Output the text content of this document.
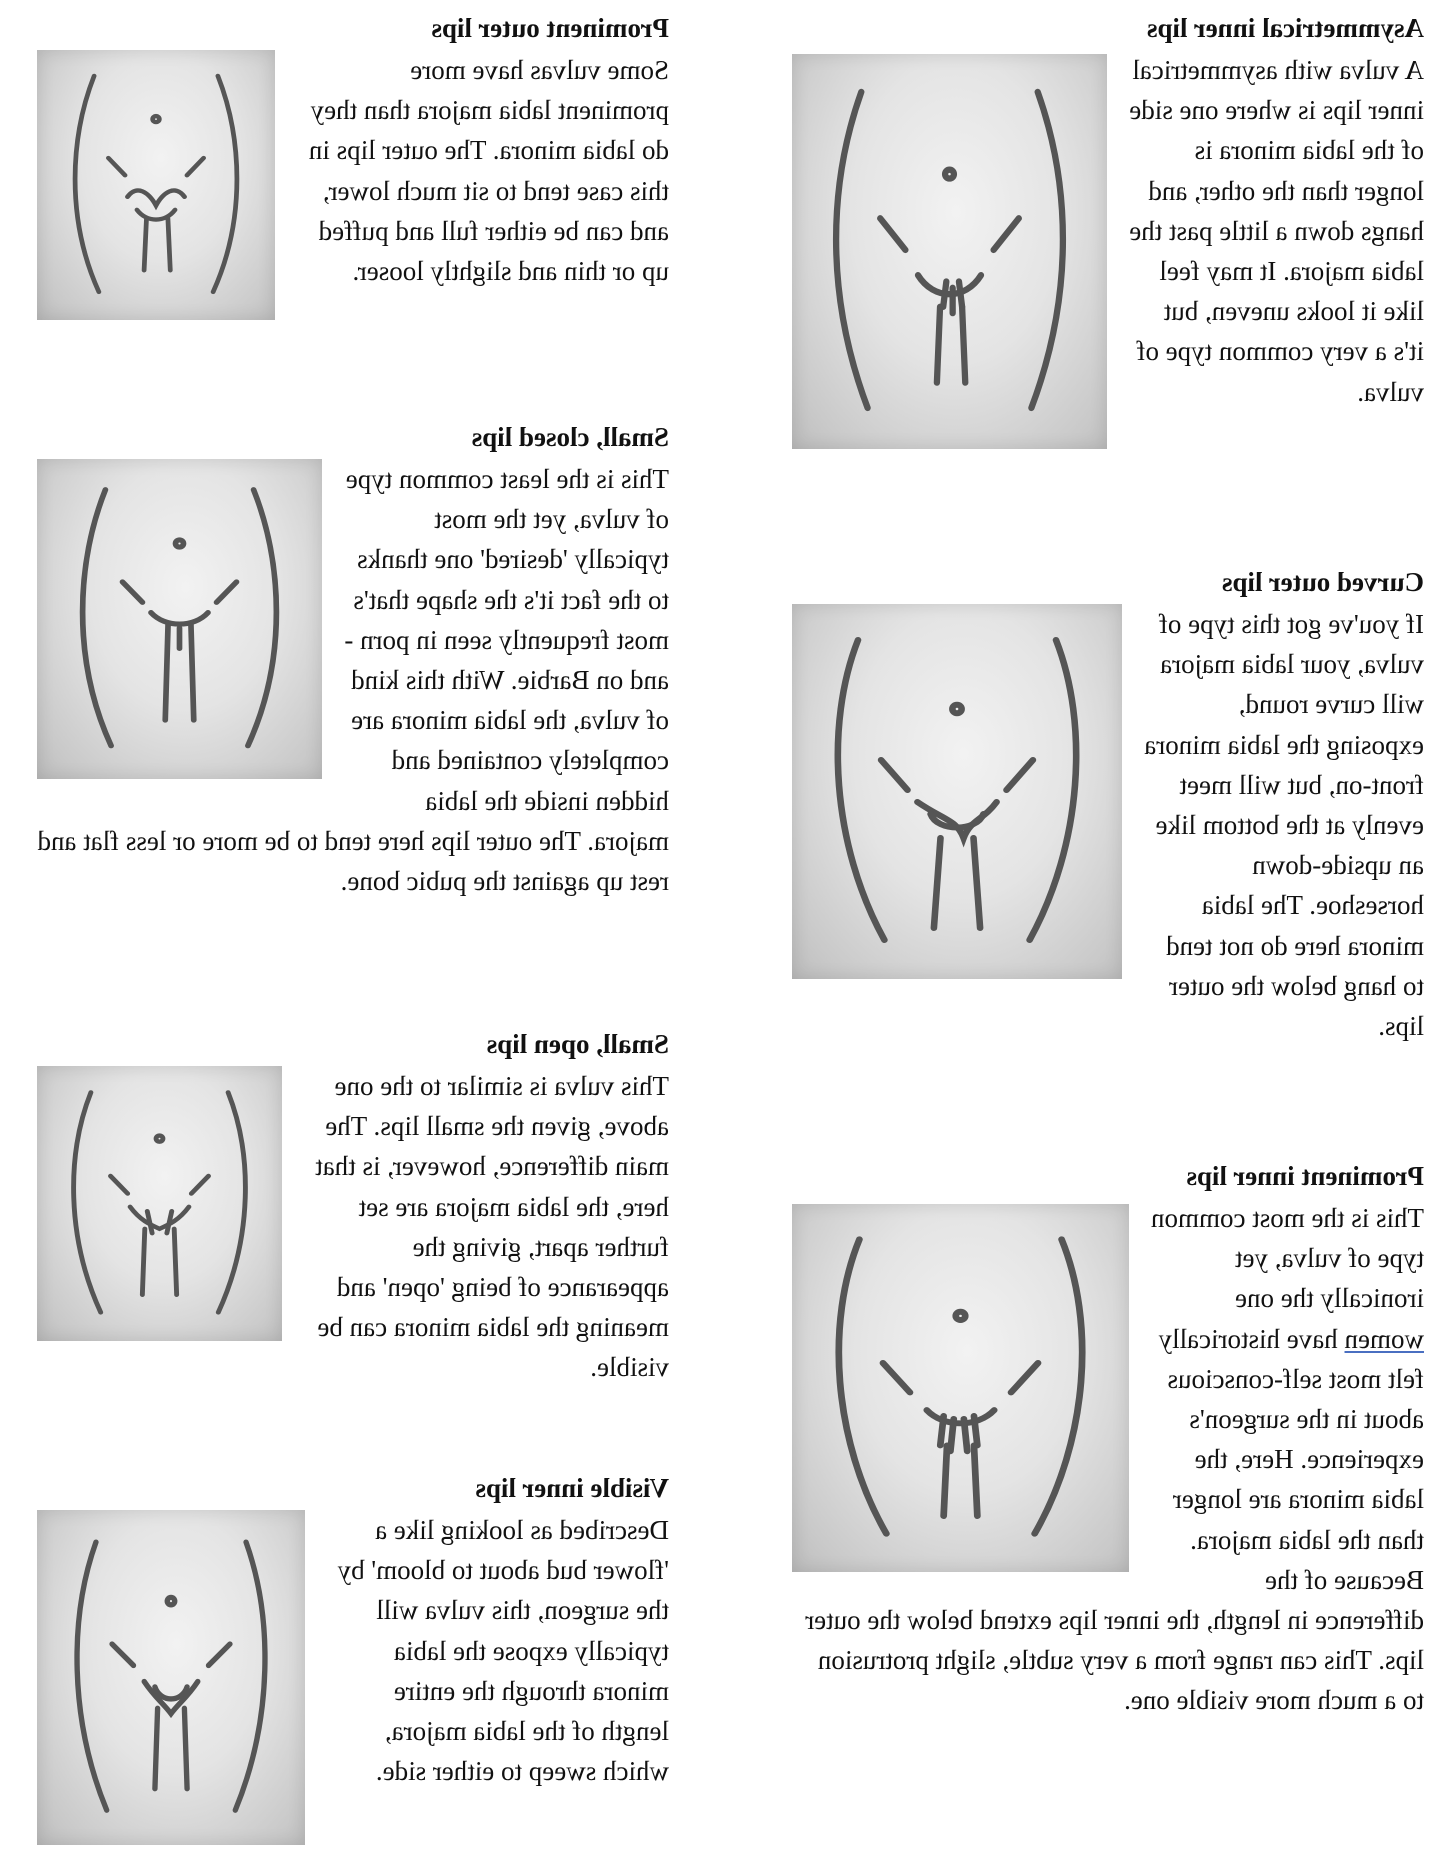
Asymmetrical inner lips

A vulva with asymmetrical inner lips is where one side of the labia minora is longer than the other, and hangs down a little past the labia majora. It may feel like it looks uneven, but it's a very common type of vulva.

Prominent outer lips

Some vulvas have more prominent labia majora than they do labia minora. The outer lips in this case tend to sit much lower, and can be either full and puffed up or thin and slightly looser.

Small, closed lips

This is the least common type of vulva, yet the most typically 'desired' one thanks to the fact it's the shape that's most frequently seen in porn - and on Barbie. With this kind of vulva, the labia minora are completely contained and hidden inside the labia majora. The outer lips here tend to be more or less flat and rest up against the pubic bone.

Curved outer lips

If you've got this type of vulva, your labia majora will curve round, exposing the labia minora front-on, but will meet evenly at the bottom like an upside-down horseshoe. The labia minora here do not tend to hang below the outer lips.

Small, open lips

This vulva is similar to the one above, given the small lips. The main difference, however, is that here, the labia majora are set further apart, giving the appearance of being 'open' and meaning the labia minora can be visible.

Prominent inner lips

This is the most common type of vulva, yet ironically the one women have historically felt most self-conscious about in the surgeon's experience. Here, the labia minora are longer than the labia majora. Because of the difference in length, the inner lips extend below the outer lips. This can range from a very subtle, slight protrusion to a much more visible one.

Visible inner lips

Described as looking like a 'flower bud about to bloom' by the surgeon, this vulva will typically expose the labia minora through the entire length of the labia majora, which sweep to either side.
